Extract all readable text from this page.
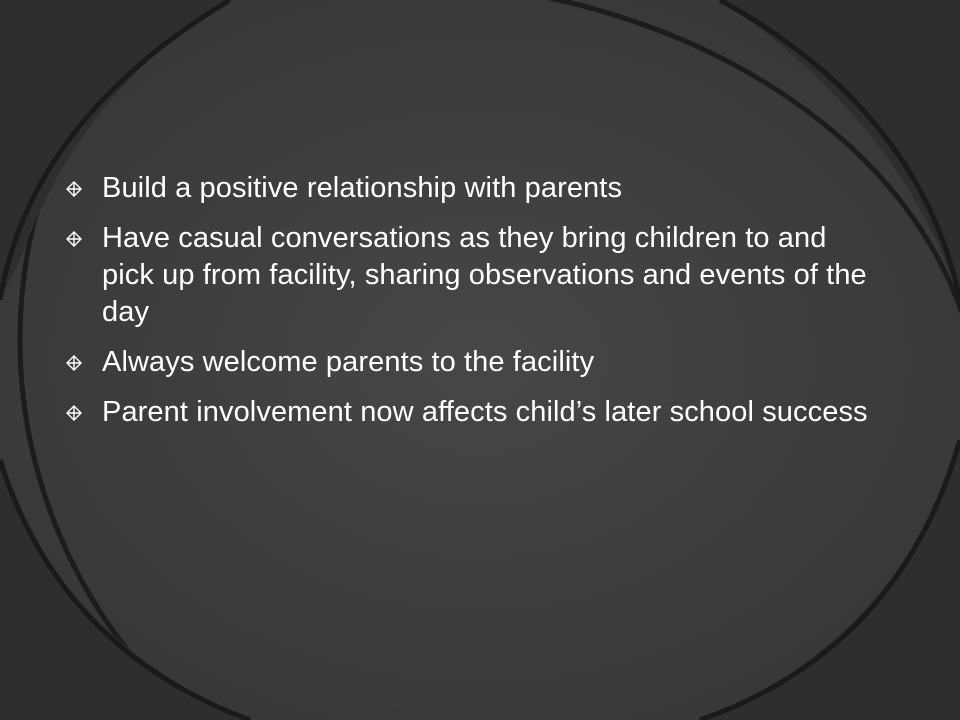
Build a positive relationship with parents
Have casual conversations as they bring children to and pick up from facility, sharing observations and events of the day
Always welcome parents to the facility
Parent involvement now affects child’s later school success
